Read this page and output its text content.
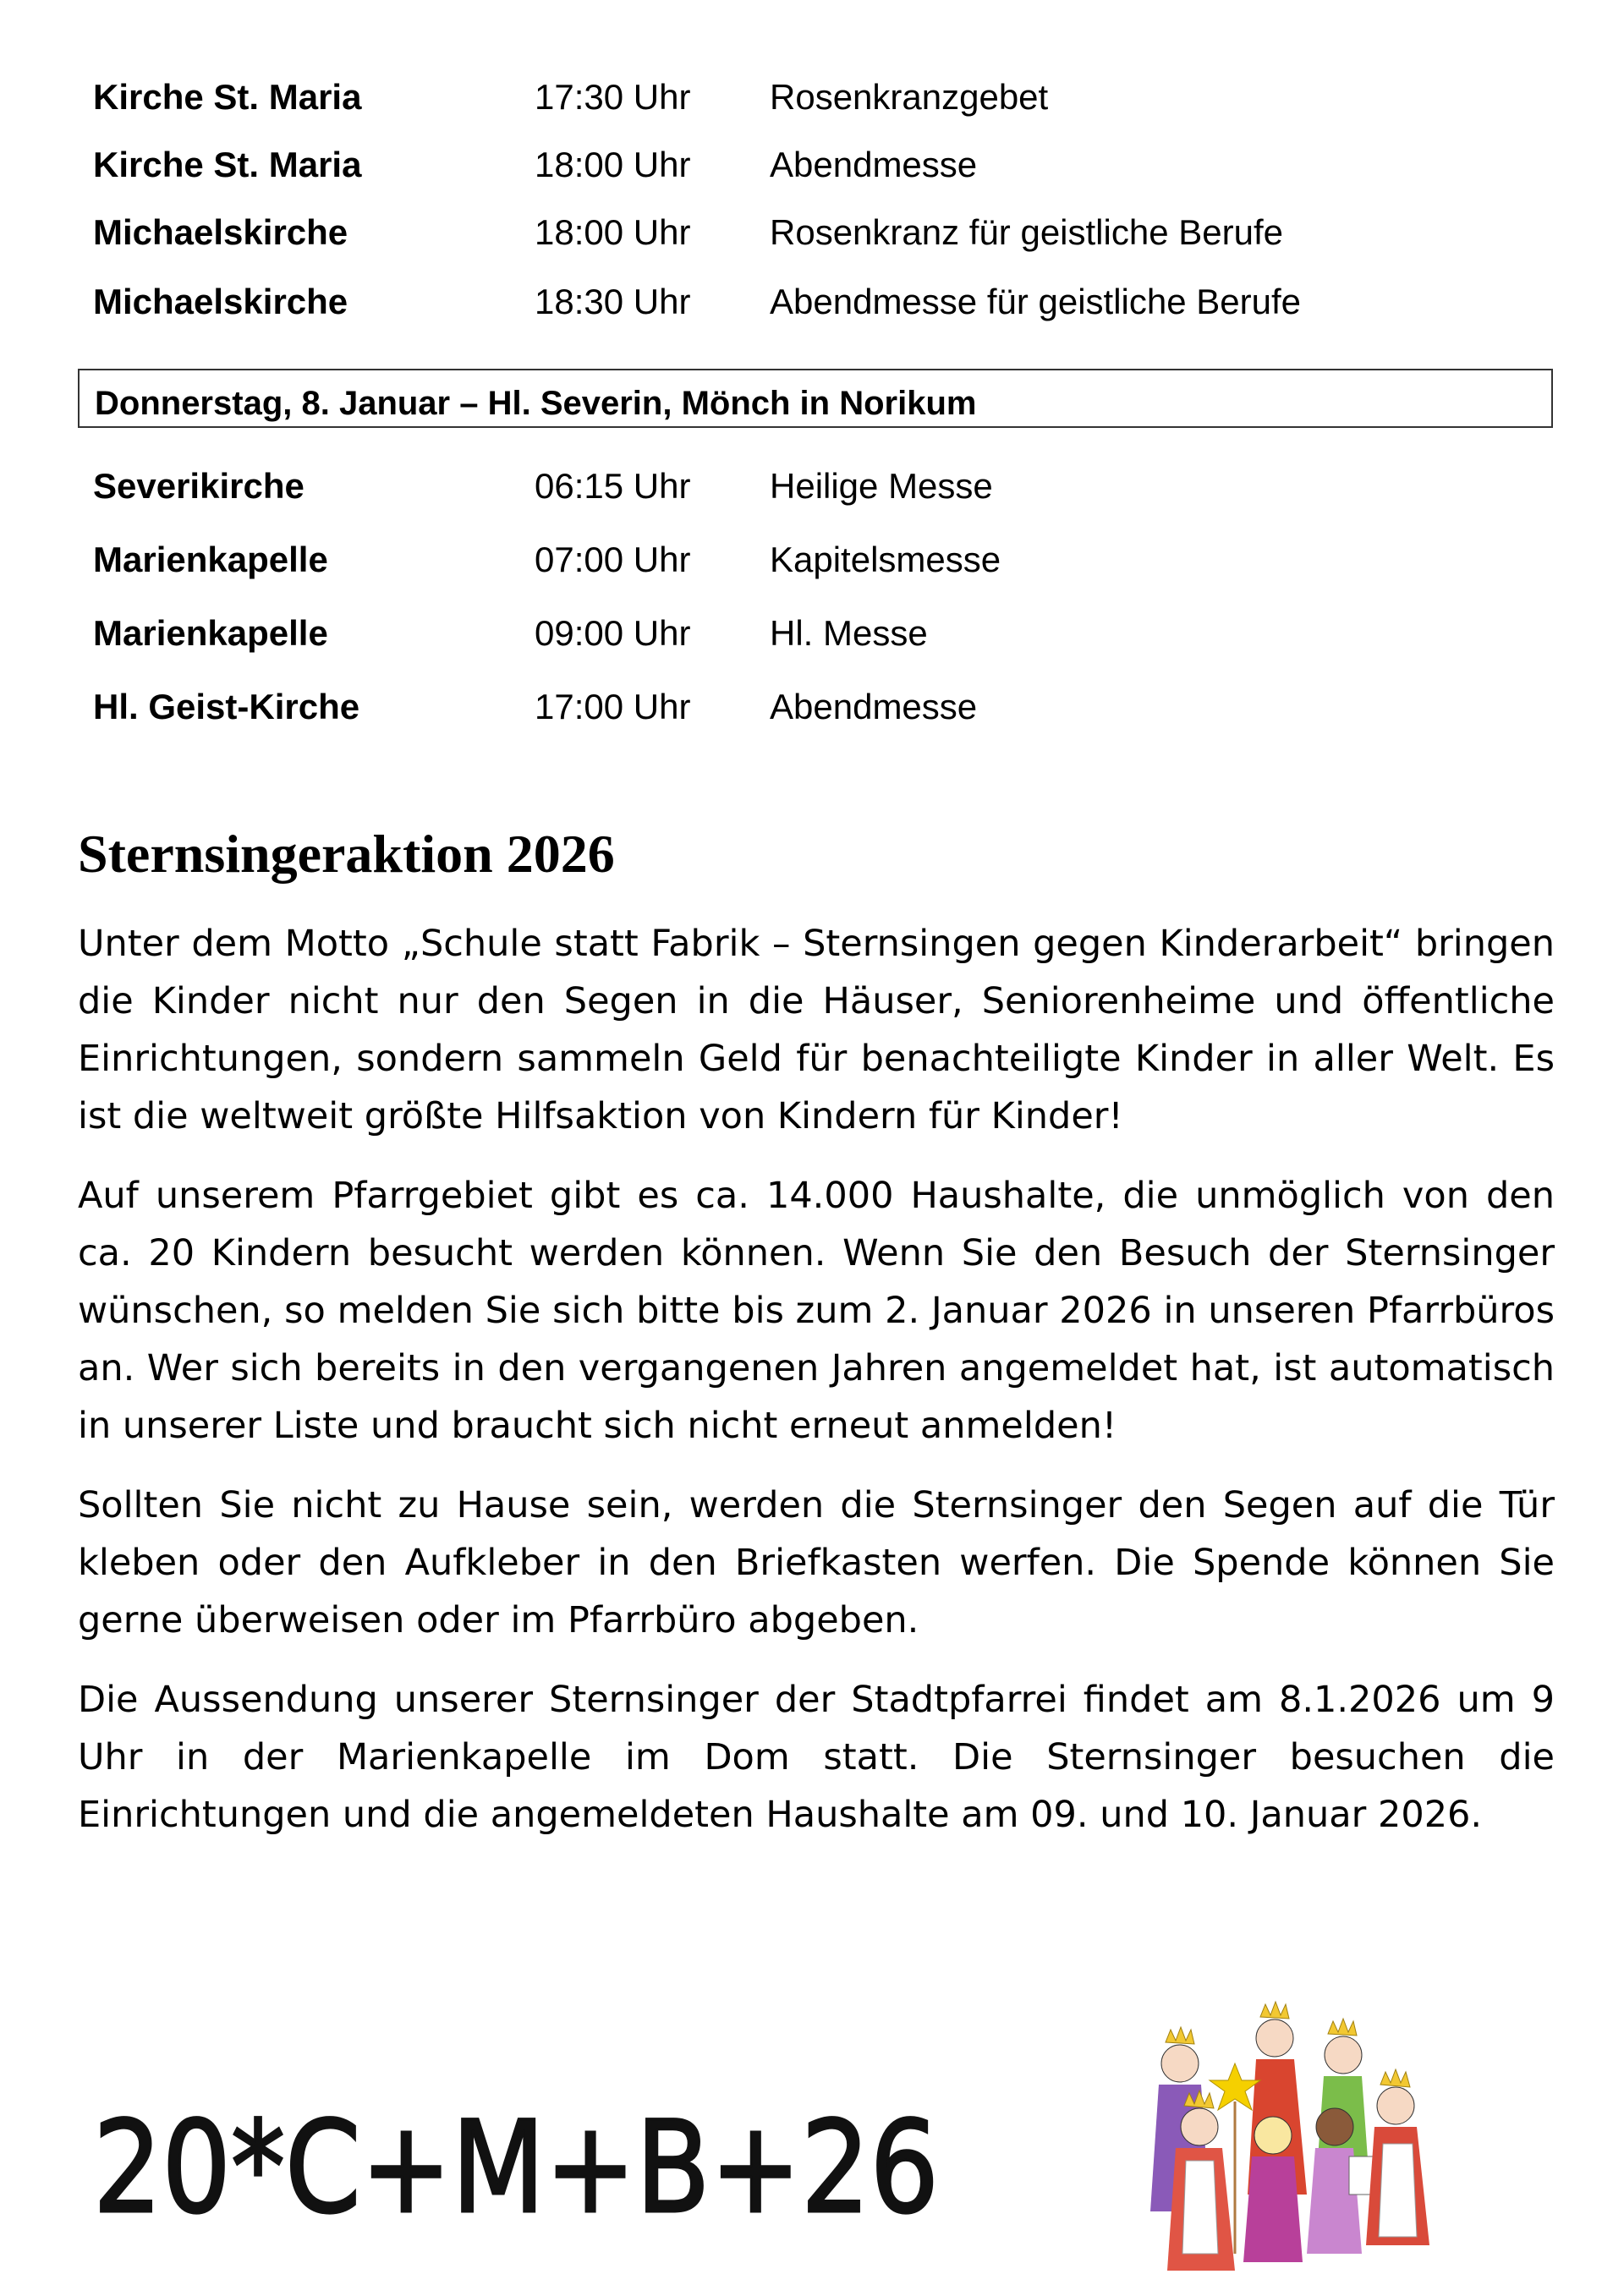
Kirche St. Maria	17:30 Uhr Rosenkranzgebet
Kirche St. Maria	18:00 Uhr Abendmesse
Michaelskirche	18:00 Uhr Rosenkranz für geistliche Berufe
Michaelskirche	18:30 Uhr Abendmesse für geistliche Berufe
Donnerstag, 8. Januar – Hl. Severin, Mönch in Norikum
Severikirche	06:15 Uhr Heilige Messe
Marienkapelle	07:00 Uhr Kapitelsmesse
Marienkapelle	09:00 Uhr Hl. Messe
Hl. Geist-Kirche	17:00 Uhr Abendmesse
Sternsingeraktion 2026

Unter dem Motto „Schule statt Fabrik – Sternsingen gegen Kinderarbeit“ bringen die Kinder nicht nur den Segen in die Häuser, Seniorenheime und öffentliche Einrichtungen, sondern sammeln Geld für benachteiligte Kinder in aller Welt. Es ist die weltweit größte Hilfsaktion von Kindern für Kinder!

Auf unserem Pfarrgebiet gibt es ca. 14.000 Haushalte, die unmöglich von den ca. 20 Kindern besucht werden können. Wenn Sie den Besuch der Sternsinger wünschen, so melden Sie sich bitte bis zum 2. Januar 2026 in unseren Pfarrbüros an. Wer sich bereits in den vergangenen Jahren angemeldet hat, ist automatisch in unserer Liste und braucht sich nicht erneut anmelden!

Sollten Sie nicht zu Hause sein, werden die Sternsinger den Segen auf die Tür kleben oder den Aufkleber in den Briefkasten werfen. Die Spende können Sie gerne überweisen oder im Pfarrbüro abgeben.

Die Aussendung unserer Sternsinger der Stadtpfarrei findet am 8.1.2026 um 9 Uhr in der Marienkapelle im Dom statt. Die Sternsinger besuchen die Einrichtungen und die angemeldeten Haushalte am 09. und 10. Januar 2026.

20*C+M+B+26
